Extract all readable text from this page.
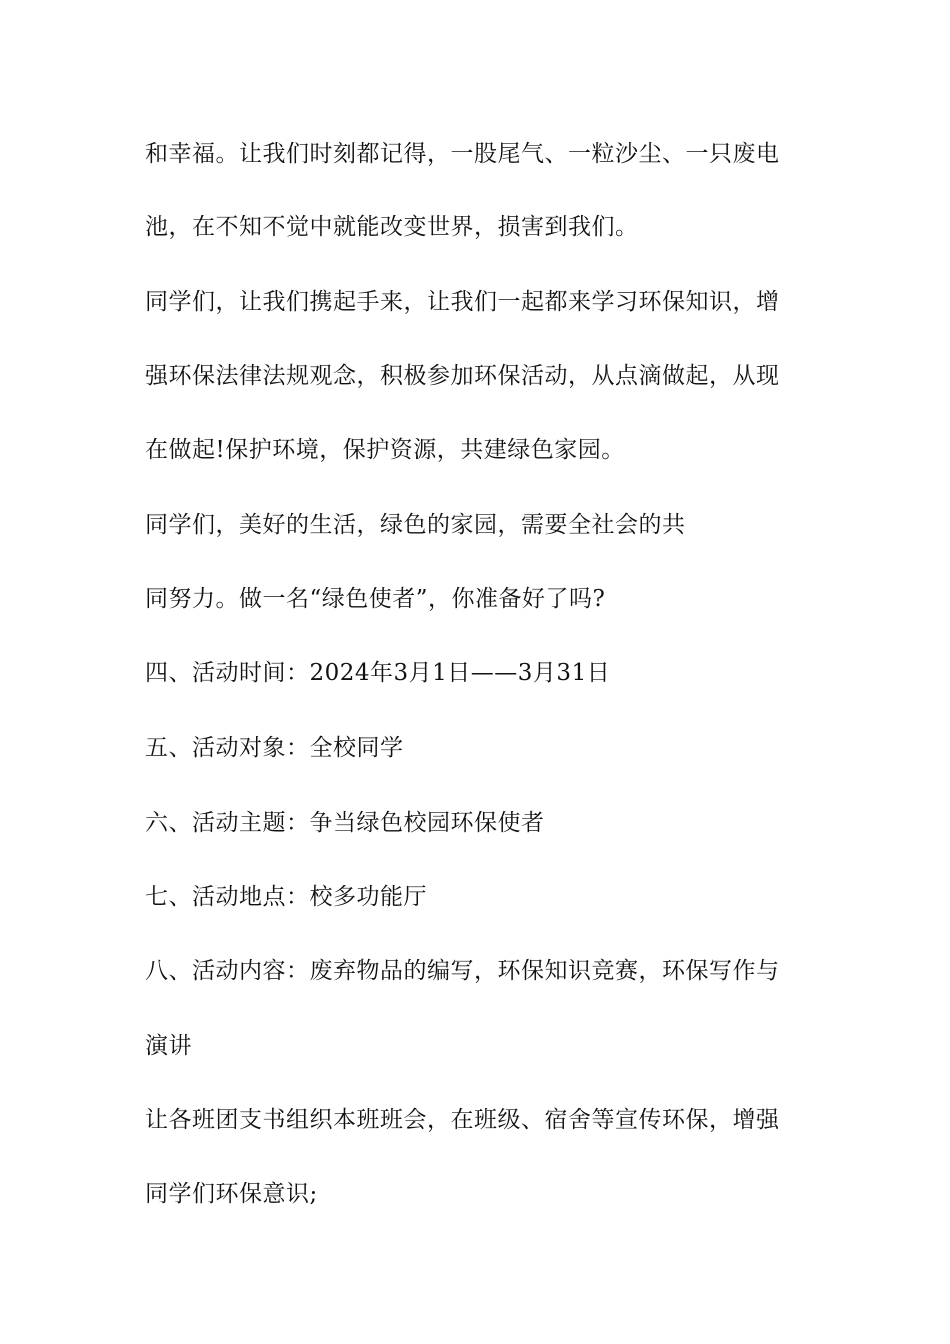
和幸福。让我们时刻都记得，一股尾气、一粒沙尘、一只废电
池，在不知不觉中就能改变世界，损害到我们。
同学们，让我们携起手来，让我们一起都来学习环保知识，增
强环保法律法规观念，积极参加环保活动，从点滴做起，从现
在做起!保护环境，保护资源，共建绿色家园。
同学们，美好的生活，绿色的家园，需要全社会的共
同努力。做一名“绿色使者”，你准备好了吗?
四、活动时间：2024年3月1日——3月31日
五、活动对象：全校同学
六、活动主题：争当绿色校园环保使者
七、活动地点：校多功能厅
八、活动内容：废弃物品的编写，环保知识竞赛，环保写作与
演讲
让各班团支书组织本班班会，在班级、宿舍等宣传环保，增强
同学们环保意识;
